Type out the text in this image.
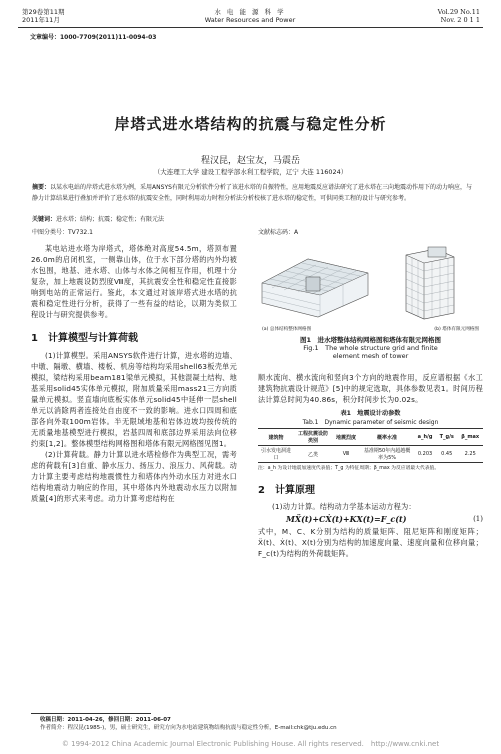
第29卷第11期
2011年11月
水 电 能 源 科 学
Water Resources and Power
Vol.29 No.11
Nov. 2 0 1 1
文章编号：1000-7709(2011)11-0094-03
岸塔式进水塔结构的抗震与稳定性分析
程汉昆，赵宝友，马震岳
（大连理工大学 建设工程学部水利工程学院，辽宁 大连 116024）
摘要：以某水电站的岸塔式进水塔为例，采用ANSYS有限元分析软件分析了该进水塔的自振特性，应用地震反应谱法研究了进水塔在三向地震动作用下的动力响应，与静力计算结果进行叠加并评价了进水塔的抗震安全性，同时利用动力时程分析法分析校核了进水塔的稳定性，可供同类工程的设计与研究参考。
关键词：进水塔；结构；抗震；稳定性；有限元法
中图分类号：TV732.1	文献标志码：A

某电站进水塔为岸塔式，塔体绝对高度54.5m，塔顶布置26.0m的启闭机室，一侧靠山体，位于水下部分塔的内外均被水包围，地基、进水塔、山体与水体之间相互作用，机理十分复杂，加上地震设防烈度Ⅷ度，其抗震安全性和稳定性直接影响到电站的正常运行。鉴此，本文通过对该岸塔式进水塔的抗震和稳定性进行分析，获得了一些有益的结论，以期为类似工程设计与研究提供参考。

1　计算模型与计算荷载

(1)计算模型。采用ANSYS软件进行计算，进水塔的边墙、中墩、隔墩、横墙、楼板、机房等结构均采用shell63板壳单元模拟，梁结构采用beam181梁单元模拟，其他混凝土结构、地基采用solid45实体单元模拟，附加质量采用mass21三方向质量单元模拟。竖直墙向底板实体单元solid45中延伸一层shell单元以消除两者连接处自由度不一致的影响。进水口四周和底部各向外取100m岩体。半无限域地基和岩体边坡均按传统的无质量地基模型进行模拟，岩基四周和底部边界采用法向位移约束[1,2]。整体模型结构网格图和塔体有限元网格图见图1。

(2)计算荷载。静力计算以进水塔检修作为典型工况，需考虑的荷载有[3]自重、静水压力、扬压力、浪压力、风荷载。动力计算主要考虑结构地震惯性力和塔体内外动水压力对进水口结构地震动力响应的作用，其中塔体内外地震动水压力以附加质量[4]的形式来考虑。动力计算考虑结构在

(a) 总体结构整体网格图	(b) 塔体有限元网格图
图1　进水塔整体结构网格图和塔体有限元网格图
Fig.1　The whole structure grid and finite
element mesh of tower

顺水流向、横水流向和竖向3个方向的地震作用，反应谱根据《水工建筑物抗震设计规范》[5]中的规定选取，具体参数见表1。时间历程法计算总时间为40.86s，积分时间步长为0.02s。

表1　地震设计动参数
Tab.1　Dynamic parameter of seismic design
建筑物	工程抗震设防类别	地震烈度	概率水准	a_h/g	T_g/s	β_max
引水发电洞进口	乙类	Ⅷ	基准期50年内超越概率为5%	0.203	0.45	2.25
注：a_h 为设计地震加速度代表值；T_g 为特征周期；β_max 为反应谱最大代表值。
2　计算原理

(1)动力计算。结构动力学基本运动方程为：

MẌ(t)+CẊ(t)+KX(t)=F_c(t)	(1)

式中，M、C、K分别为结构的质量矩阵、阻尼矩阵和刚度矩阵；Ẍ(t)、Ẋ(t)、X(t)分别为结构的加速度向量、速度向量和位移向量；F_c(t)为结构的外荷载矩阵。

收稿日期：2011-04-26，修回日期：2011-06-07
作者简介：程汉昆(1985-)，男，硕士研究生，研究方向为水电站建筑物结构抗震与稳定性分析，E-mail:chk@tju.edu.cn
© 1994-2012 China Academic Journal Electronic Publishing House. All rights reserved.　http://www.cnki.net
